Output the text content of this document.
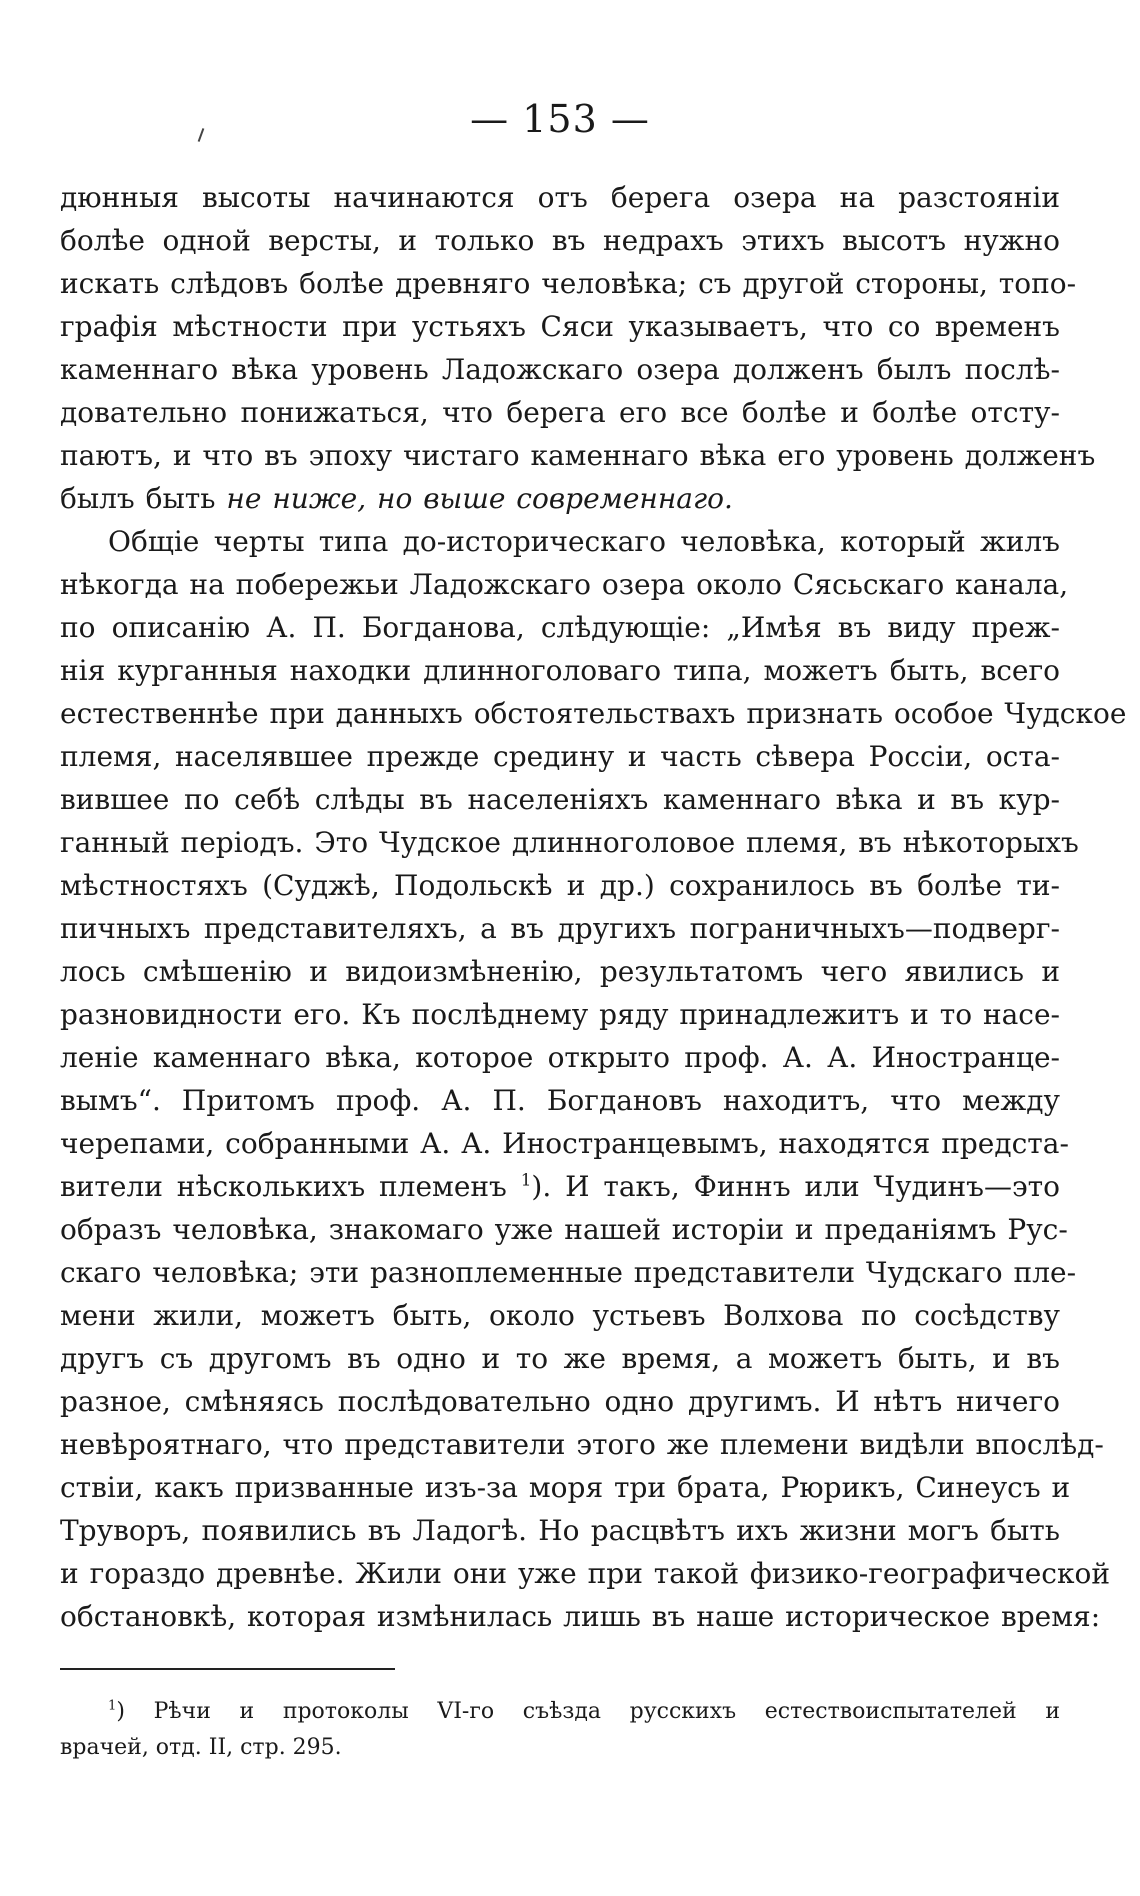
— 153 —

дюнныя высоты начинаются отъ берега озера на разстояніи
болѣе одной версты, и только въ недрахъ этихъ высотъ нужно
искать слѣдовъ болѣе древняго человѣка; съ другой стороны, топо-
графія мѣстности при устьяхъ Сяси указываетъ, что со временъ
каменнаго вѣка уровень Ладожскаго озера долженъ былъ послѣ-
довательно понижаться, что берега его все болѣе и болѣе отсту-
паютъ, и что въ эпоху чистаго каменнаго вѣка его уровень долженъ
былъ быть не ниже, но выше современнаго.

Общіе черты типа до-историческаго человѣка, который жилъ
нѣкогда на побережьи Ладожскаго озера около Сясьскаго канала,
по описанію А. П. Богданова, слѣдующіе: „Имѣя въ виду преж-
нія курганныя находки длинноголоваго типа, можетъ быть, всего
естественнѣе при данныхъ обстоятельствахъ признать особое Чудское
племя, населявшее прежде средину и часть сѣвера Россіи, оста-
вившее по себѣ слѣды въ населеніяхъ каменнаго вѣка и въ кур-
ганный періодъ. Это Чудское длинноголовое племя, въ нѣкоторыхъ
мѣстностяхъ (Суджѣ, Подольскѣ и др.) сохранилось въ болѣе ти-
пичныхъ представителяхъ, а въ другихъ пограничныхъ—подверг-
лось смѣшенію и видоизмѣненію, результатомъ чего явились и
разновидности его. Къ послѣднему ряду принадлежитъ и то насе-
леніе каменнаго вѣка, которое открыто проф. А. А. Иностранце-
вымъ“. Притомъ проф. А. П. Богдановъ находитъ, что между
черепами, собранными А. А. Иностранцевымъ, находятся предста-
вители нѣсколькихъ племенъ $^1$). И такъ, Финнъ или Чудинъ—это
образъ человѣка, знакомаго уже нашей исторіи и преданіямъ Рус-
скаго человѣка; эти разноплеменные представители Чудскаго пле-
мени жили, можетъ быть, около устьевъ Волхова по сосѣдству
другъ съ другомъ въ одно и то же время, а можетъ быть, и въ
разное, смѣняясь послѣдовательно одно другимъ. И нѣтъ ничего
невѣроятнаго, что представители этого же племени видѣли впослѣд-
ствіи, какъ призванные изъ-за моря три брата, Рюрикъ, Синеусъ и
Труворъ, появились въ Ладогѣ. Но расцвѣтъ ихъ жизни могъ быть
и гораздо древнѣе. Жили они уже при такой физико-географической
обстановкѣ, которая измѣнилась лишь въ наше историческое время:

$^1$) Рѣчи и протоколы VI-го съѣзда русскихъ естествоиспытателей и
врачей, отд. II, стр. 295.
